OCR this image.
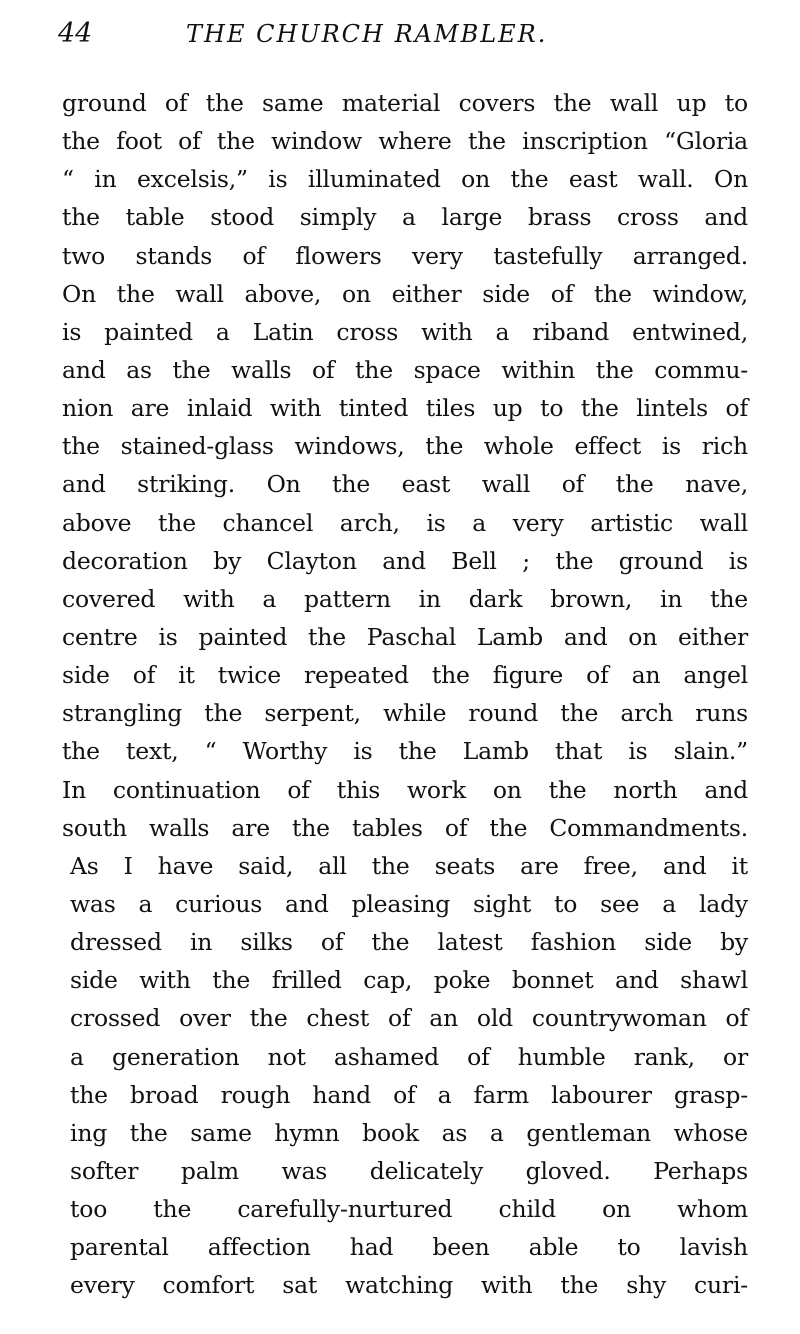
44	THE CHURCH RAMBLER.
ground of the same material covers the wall up to
the foot of the window where the inscription “Gloria
“ in excelsis,” is illuminated on the east wall. On
the table stood simply a large brass cross and
two stands of flowers very tastefully arranged.
On the wall above, on either side of the window,
is painted a Latin cross with a riband entwined,
and as the walls of the space within the commu-
nion are inlaid with tinted tiles up to the lintels of
the stained-glass windows, the whole effect is rich
and striking. On the east wall of the nave,
above the chancel arch, is a very artistic wall
decoration by Clayton and Bell ; the ground is
covered with a pattern in dark brown, in the
centre is painted the Paschal Lamb and on either
side of it twice repeated the figure of an angel
strangling the serpent, while round the arch runs
the text, “ Worthy is the Lamb that is slain.”
In continuation of this work on the north and
south walls are the tables of the Commandments.
As I have said, all the seats are free, and it
was a curious and pleasing sight to see a lady
dressed in silks of the latest fashion side by
side with the frilled cap, poke bonnet and shawl
crossed over the chest of an old countrywoman of
a generation not ashamed of humble rank, or
the broad rough hand of a farm labourer grasp-
ing the same hymn book as a gentleman whose
softer palm was delicately gloved. Perhaps
too the carefully-nurtured child on whom
parental affection had been able to lavish
every comfort sat watching with the shy curi-
